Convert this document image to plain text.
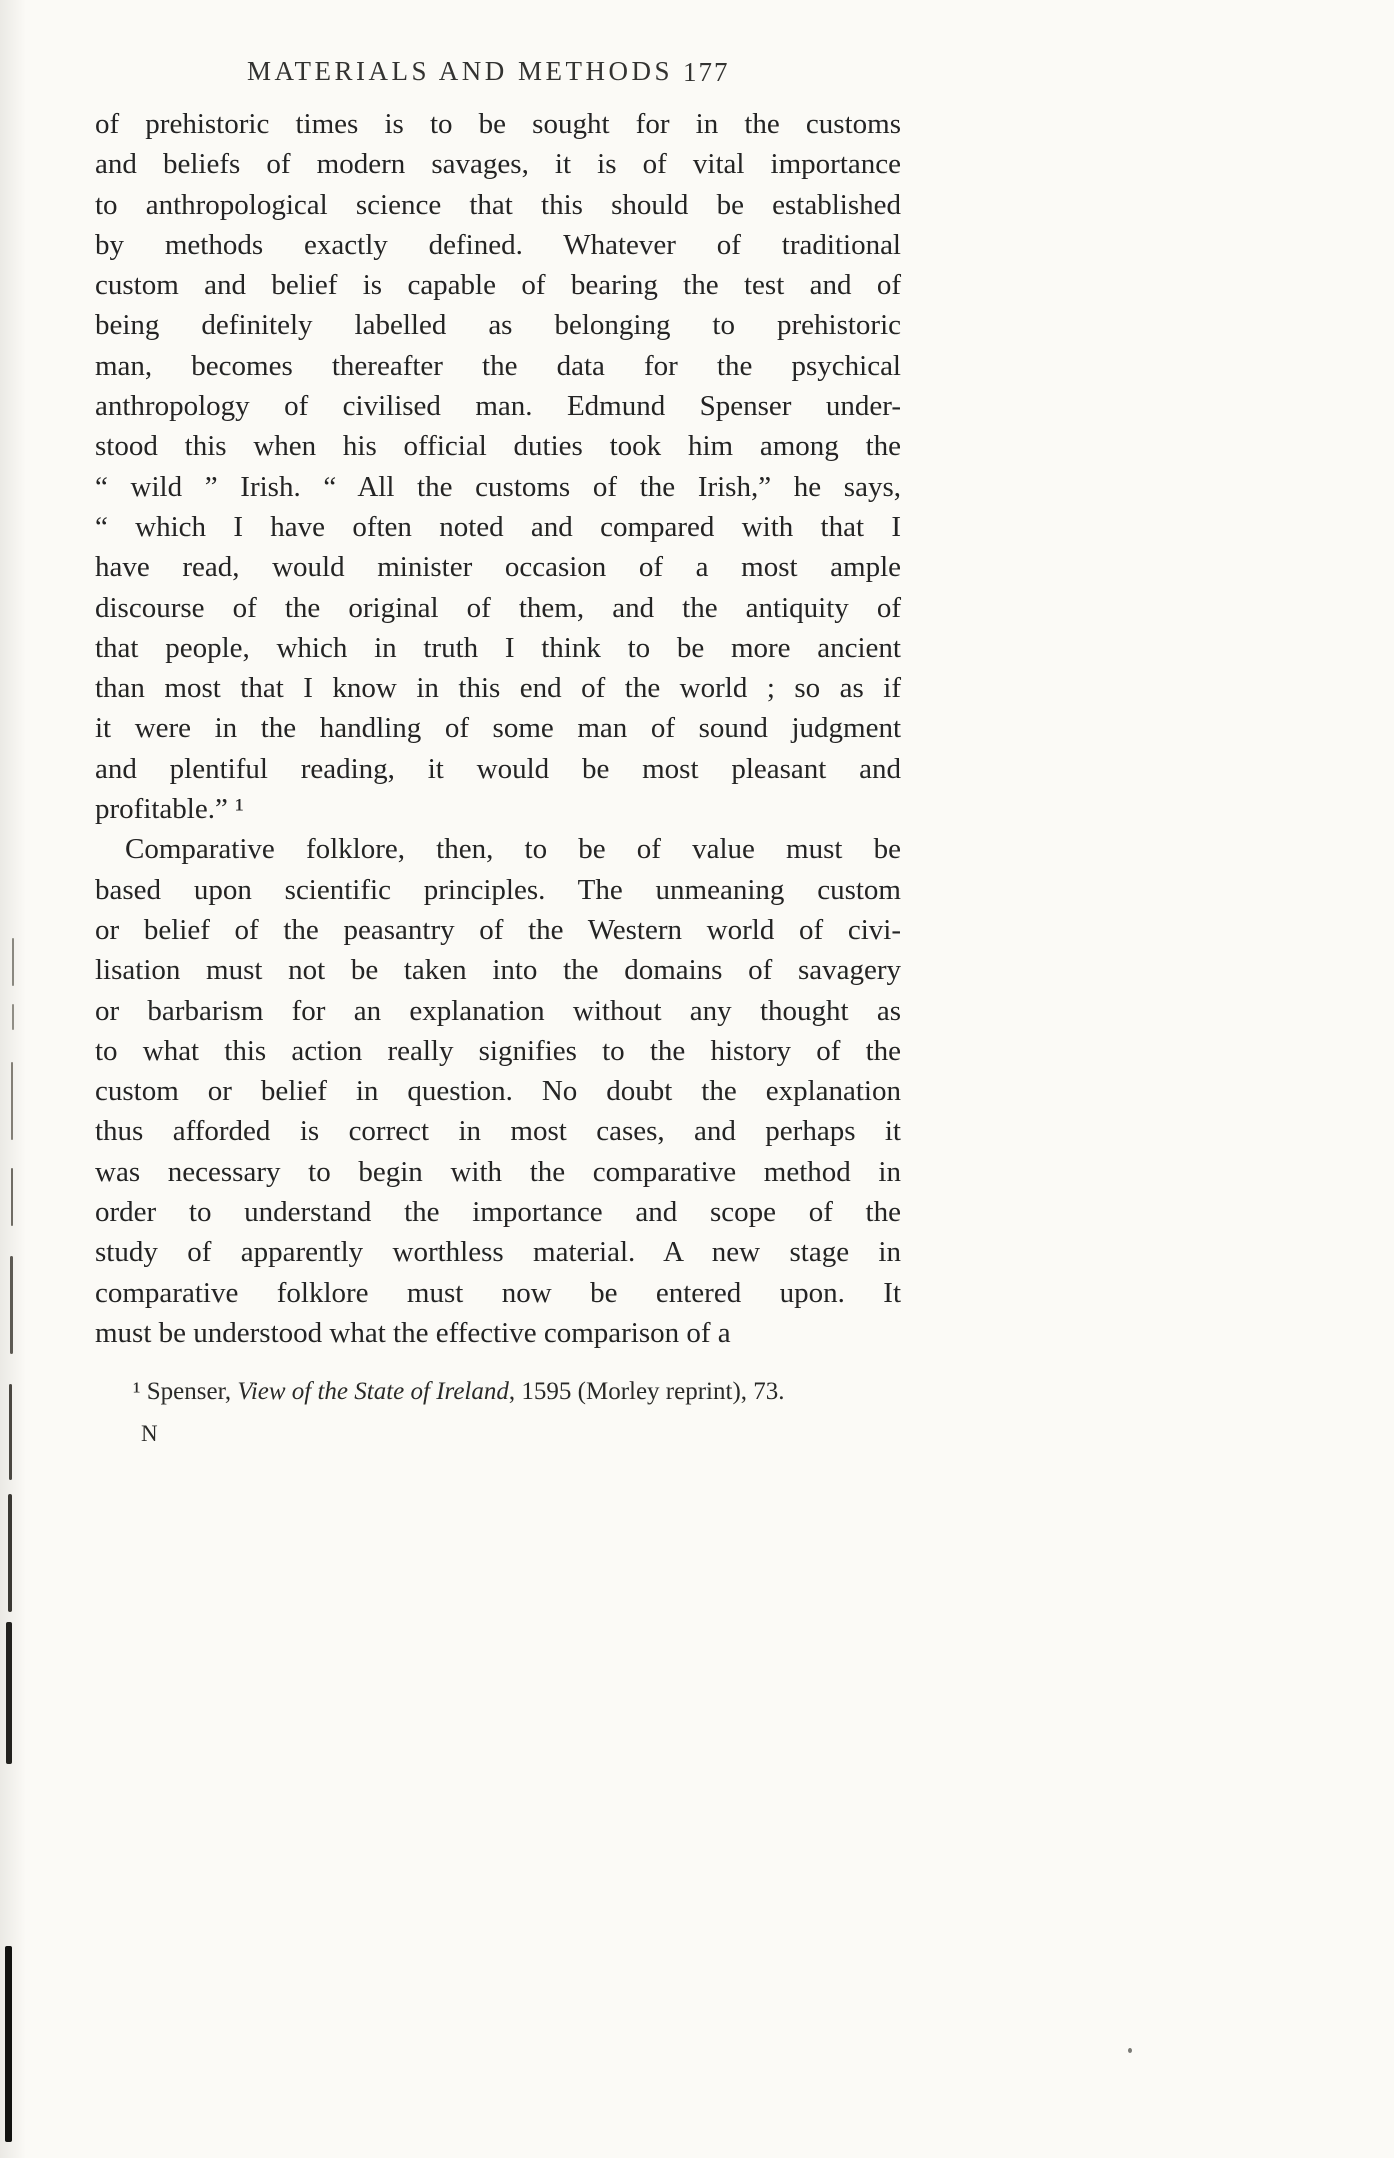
MATERIALS AND METHODS 177
of prehistoric times is to be sought for in the customs
and beliefs of modern savages, it is of vital importance
to anthropological science that this should be established
by methods exactly defined. Whatever of traditional
custom and belief is capable of bearing the test and of
being definitely labelled as belonging to prehistoric
man, becomes thereafter the data for the psychical
anthropology of civilised man. Edmund Spenser under-
stood this when his official duties took him among the
“ wild ” Irish. “ All the customs of the Irish,” he says,
“ which I have often noted and compared with that I
have read, would minister occasion of a most ample
discourse of the original of them, and the antiquity of
that people, which in truth I think to be more ancient
than most that I know in this end of the world ; so as if
it were in the handling of some man of sound judgment
and plentiful reading, it would be most pleasant and
profitable.” ¹
Comparative folklore, then, to be of value must be
based upon scientific principles. The unmeaning custom
or belief of the peasantry of the Western world of civi-
lisation must not be taken into the domains of savagery
or barbarism for an explanation without any thought as
to what this action really signifies to the history of the
custom or belief in question. No doubt the explanation
thus afforded is correct in most cases, and perhaps it
was necessary to begin with the comparative method in
order to understand the importance and scope of the
study of apparently worthless material. A new stage in
comparative folklore must now be entered upon. It
must be understood what the effective comparison of a
¹ Spenser, View of the State of Ireland, 1595 (Morley reprint), 73.
N
